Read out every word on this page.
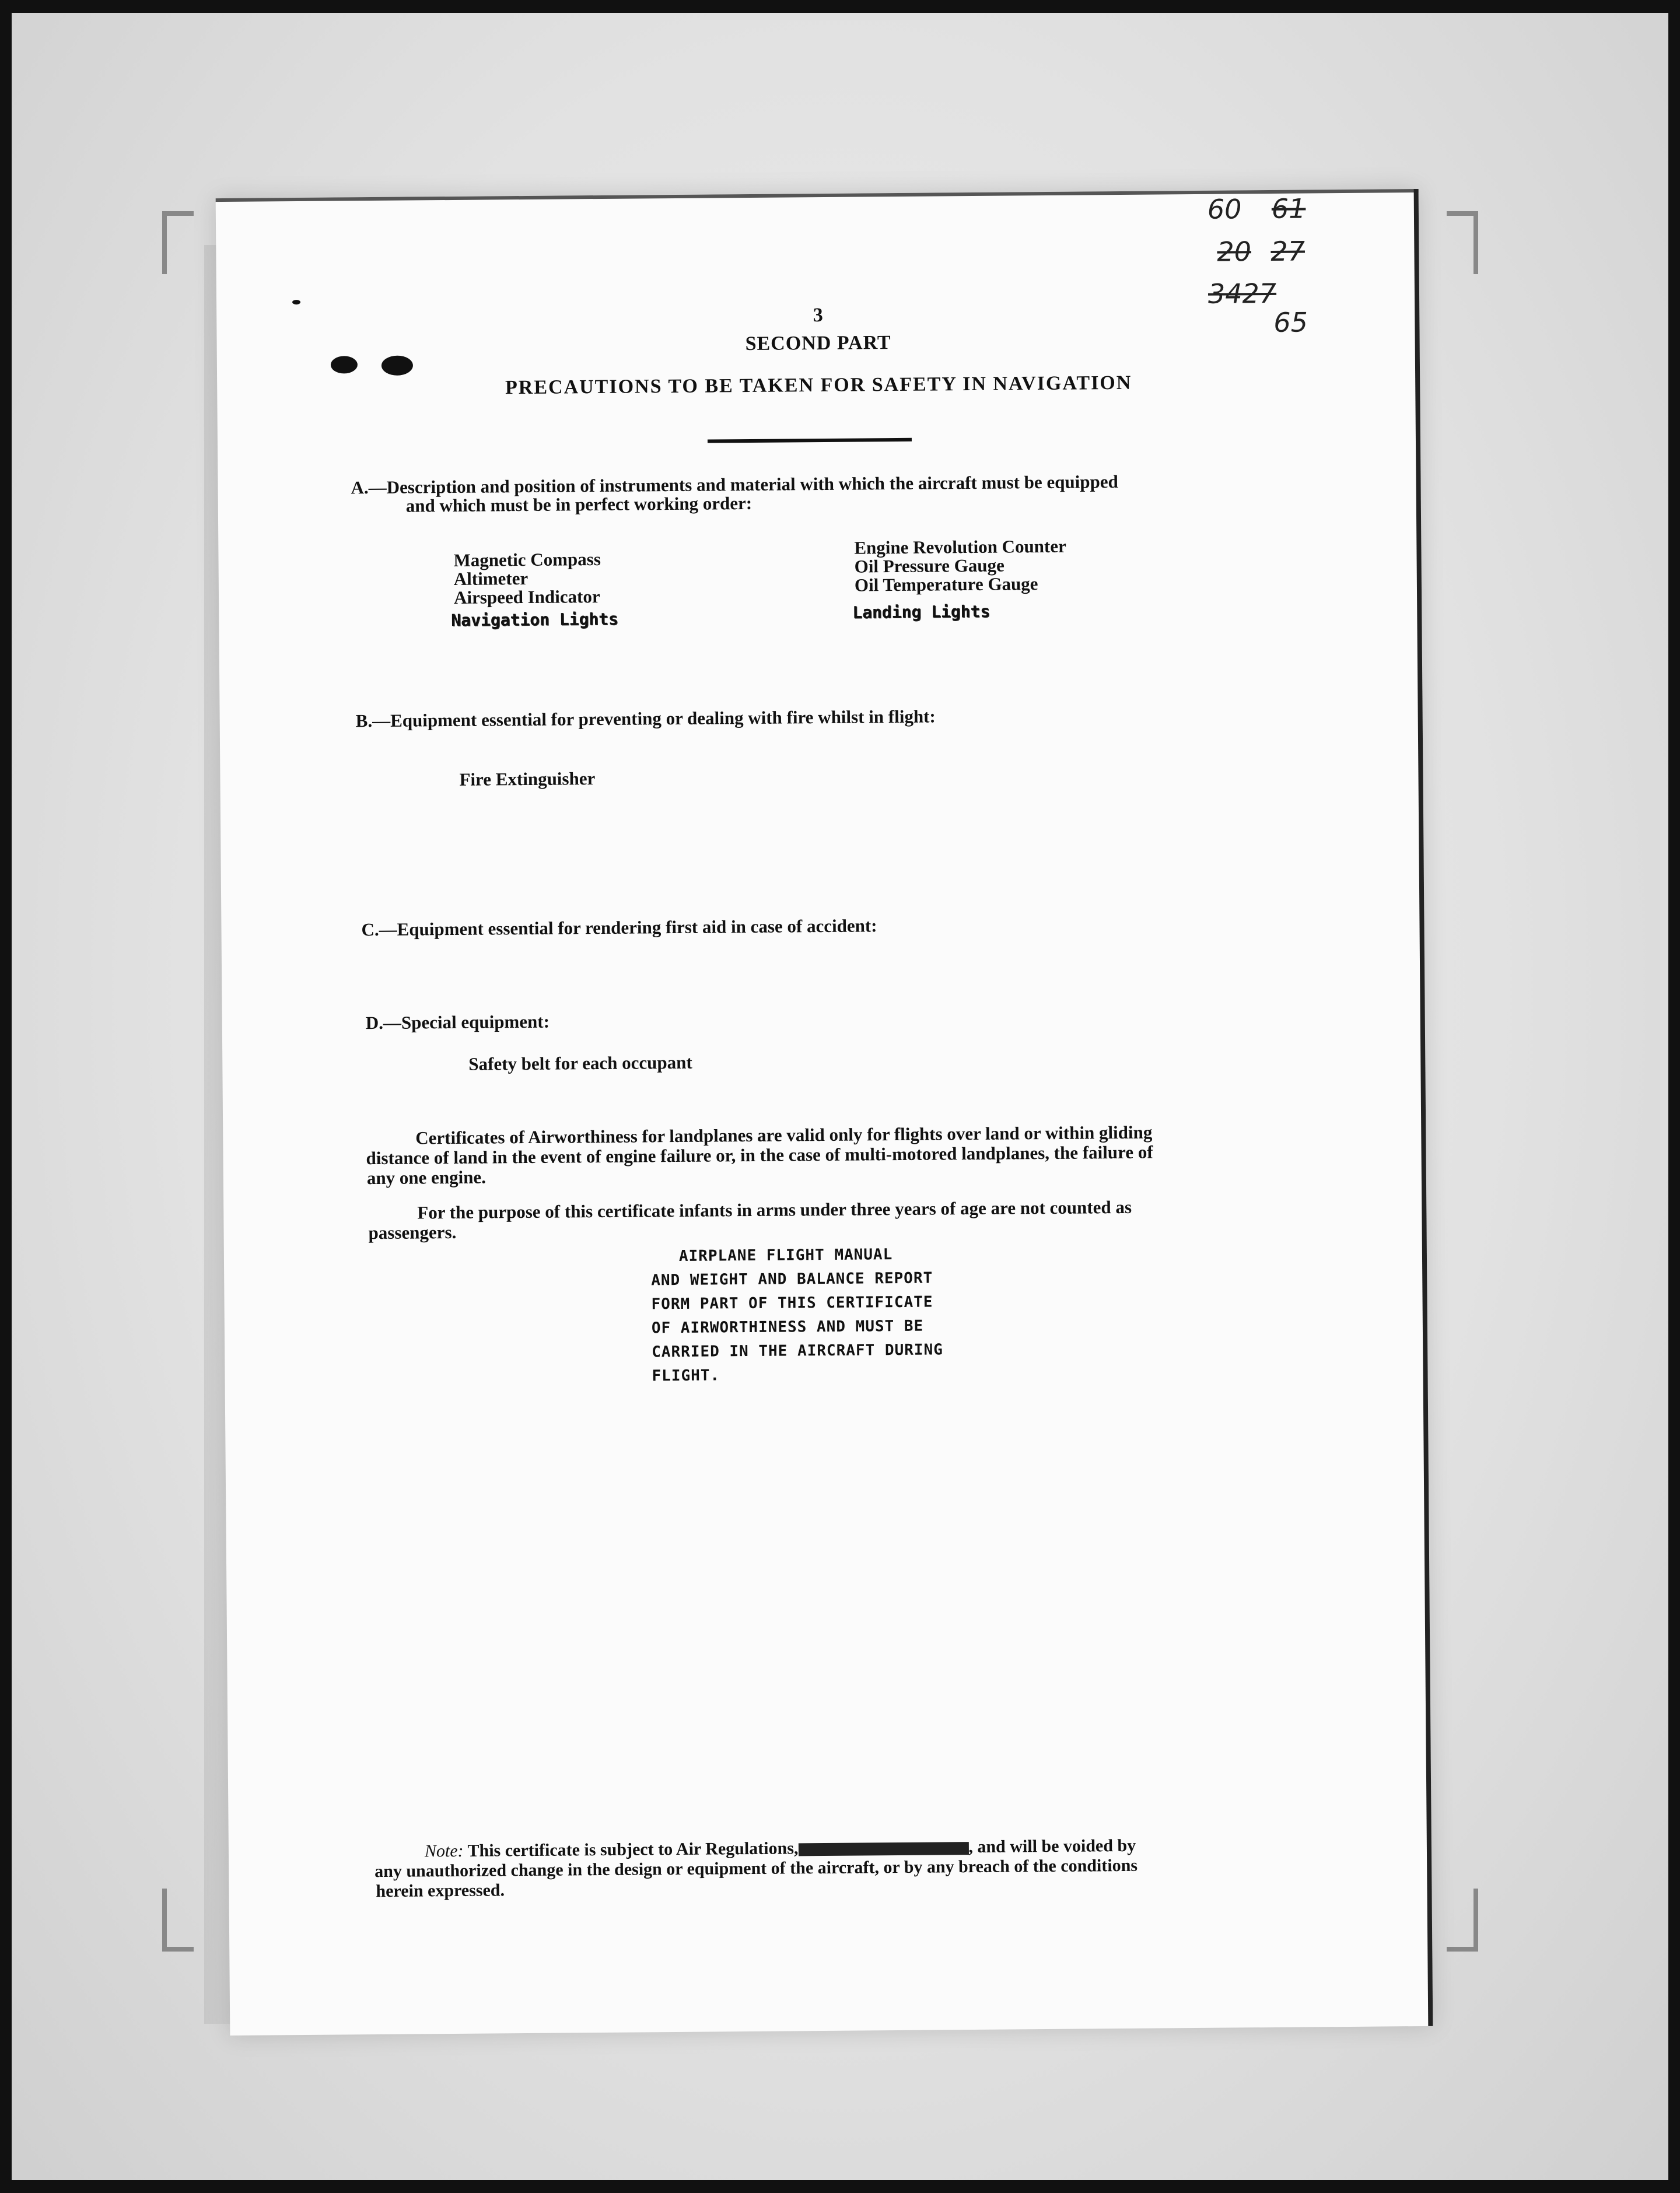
60 61
20 27
3427
65
3
SECOND PART
PRECAUTIONS TO BE TAKEN FOR SAFETY IN NAVIGATION
A.—Description and position of instruments and material with which the aircraft must be equipped
and which must be in perfect working order:
Magnetic Compass
Altimeter
Airspeed Indicator
Navigation Lights
Engine Revolution Counter
Oil Pressure Gauge
Oil Temperature Gauge
Landing Lights
B.—Equipment essential for preventing or dealing with fire whilst in flight:
Fire Extinguisher
C.—Equipment essential for rendering first aid in case of accident:
D.—Special equipment:
Safety belt for each occupant
Certificates of Airworthiness for landplanes are valid only for flights over land or within gliding
distance of land in the event of engine failure or, in the case of multi-motored landplanes, the failure of
any one engine.
For the purpose of this certificate infants in arms under three years of age are not counted as
passengers.
AIRPLANE FLIGHT MANUAL
AND WEIGHT AND BALANCE REPORT
FORM PART OF THIS CERTIFICATE
OF AIRWORTHINESS AND MUST BE
CARRIED IN THE AIRCRAFT DURING
FLIGHT.
Note: This certificate is subject to Air Regulations,	, and will be voided by
any unauthorized change in the design or equipment of the aircraft, or by any breach of the conditions
herein expressed.
